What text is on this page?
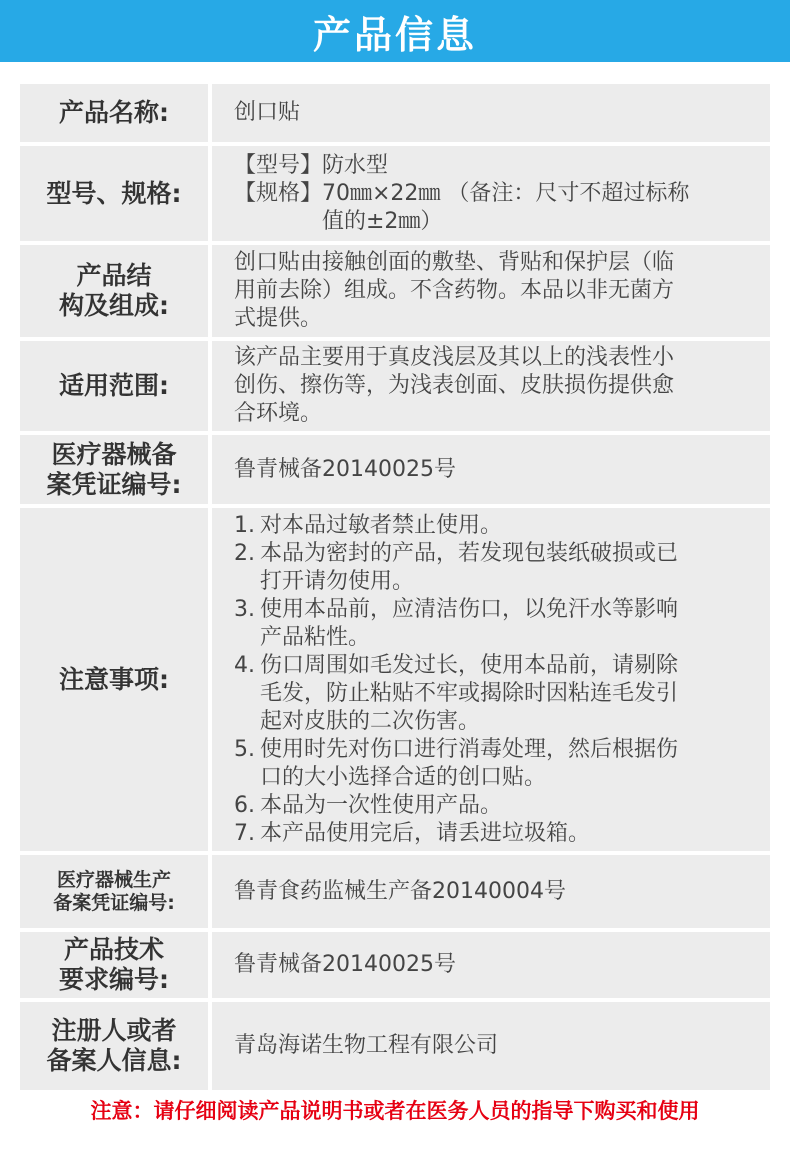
产品信息
产品名称:	创口贴
型号、规格:
【型号】防水型
【规格】70㎜×22㎜ （备注：尺寸不超过标称
　　　　值的±2㎜）
产品结
构及组成:
创口贴由接触创面的敷垫、背贴和保护层（临
用前去除）组成。不含药物。本品以非无菌方
式提供。
适用范围:
该产品主要用于真皮浅层及其以上的浅表性小
创伤、擦伤等，为浅表创面、皮肤损伤提供愈
合环境。
医疗器械备
案凭证编号:
鲁青械备20140025号
注意事项:
1. 对本品过敏者禁止使用。
2. 本品为密封的产品，若发现包装纸破损或已
打开请勿使用。
3. 使用本品前，应清洁伤口，以免汗水等影响
产品粘性。
4. 伤口周围如毛发过长，使用本品前，请剔除
毛发，防止粘贴不牢或揭除时因粘连毛发引
起对皮肤的二次伤害。
5. 使用时先对伤口进行消毒处理，然后根据伤
口的大小选择合适的创口贴。
6. 本品为一次性使用产品。
7. 本产品使用完后，请丢进垃圾箱。
医疗器械生产
备案凭证编号:	鲁青食药监械生产备20140004号
产品技术
要求编号:
鲁青械备20140025号
注册人或者
备案人信息:
青岛海诺生物工程有限公司
注意：请仔细阅读产品说明书或者在医务人员的指导下购买和使用
